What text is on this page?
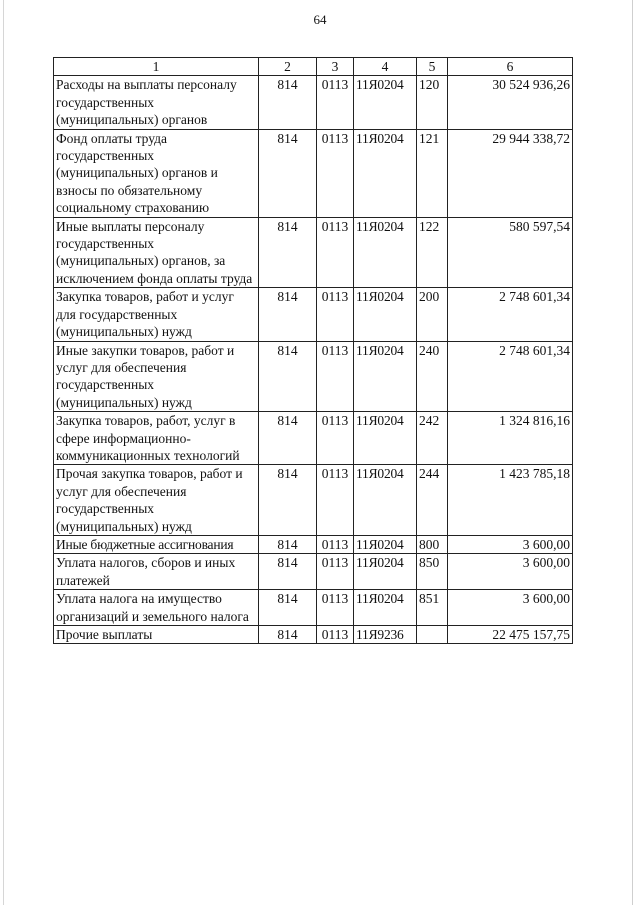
64
1	2	3	4	5	6
Расходы на выплаты персоналу государственных (муниципальных) органов	814	0113	11Я0204	120	30 524 936,26
Фонд оплаты труда государственных (муниципальных) органов и взносы по обязательному социальному страхованию	814	0113	11Я0204	121	29 944 338,72
Иные выплаты персоналу государственных (муниципальных) органов, за исключением фонда оплаты труда	814	0113	11Я0204	122	580 597,54
Закупка товаров, работ и услуг для государственных (муниципальных) нужд	814	0113	11Я0204	200	2 748 601,34
Иные закупки товаров, работ и услуг для обеспечения государственных (муниципальных) нужд	814	0113	11Я0204	240	2 748 601,34
Закупка товаров, работ, услуг в сфере информационно-коммуникационных технологий	814	0113	11Я0204	242	1 324 816,16
Прочая закупка товаров, работ и услуг для обеспечения государственных (муниципальных) нужд	814	0113	11Я0204	244	1 423 785,18
Иные бюджетные ассигнования	814	0113	11Я0204	800	3 600,00
Уплата налогов, сборов и иных платежей	814	0113	11Я0204	850	3 600,00
Уплата налога на имущество организаций и земельного налога	814	0113	11Я0204	851	3 600,00
Прочие выплаты	814	0113	11Я9236		22 475 157,75
